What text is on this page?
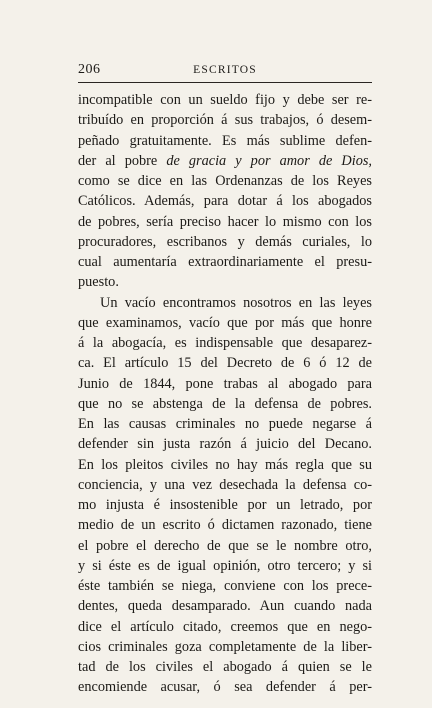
206	ESCRITOS
incompatible con un sueldo fijo y debe ser re-
tribuído en proporción á sus trabajos, ó desem-
peñado gratuitamente. Es más sublime defen-
der al pobre de gracia y por amor de Dios,
como se dice en las Ordenanzas de los Reyes
Católicos. Además, para dotar á los abogados
de pobres, sería preciso hacer lo mismo con los
procuradores, escribanos y demás curiales, lo
cual aumentaría extraordinariamente el presu-
puesto.
Un vacío encontramos nosotros en las leyes
que examinamos, vacío que por más que honre
á la abogacía, es indispensable que desaparez-
ca. El artículo 15 del Decreto de 6 ó 12 de
Junio de 1844, pone trabas al abogado para
que no se abstenga de la defensa de pobres.
En las causas criminales no puede negarse á
defender sin justa razón á juicio del Decano.
En los pleitos civiles no hay más regla que su
conciencia, y una vez desechada la defensa co-
mo injusta é insostenible por un letrado, por
medio de un escrito ó dictamen razonado, tiene
el pobre el derecho de que se le nombre otro,
y si éste es de igual opinión, otro tercero; y si
éste también se niega, conviene con los prece-
dentes, queda desamparado. Aun cuando nada
dice el artículo citado, creemos que en nego-
cios criminales goza completamente de la liber-
tad de los civiles el abogado á quien se le
encomiende acusar, ó sea defender á per-
